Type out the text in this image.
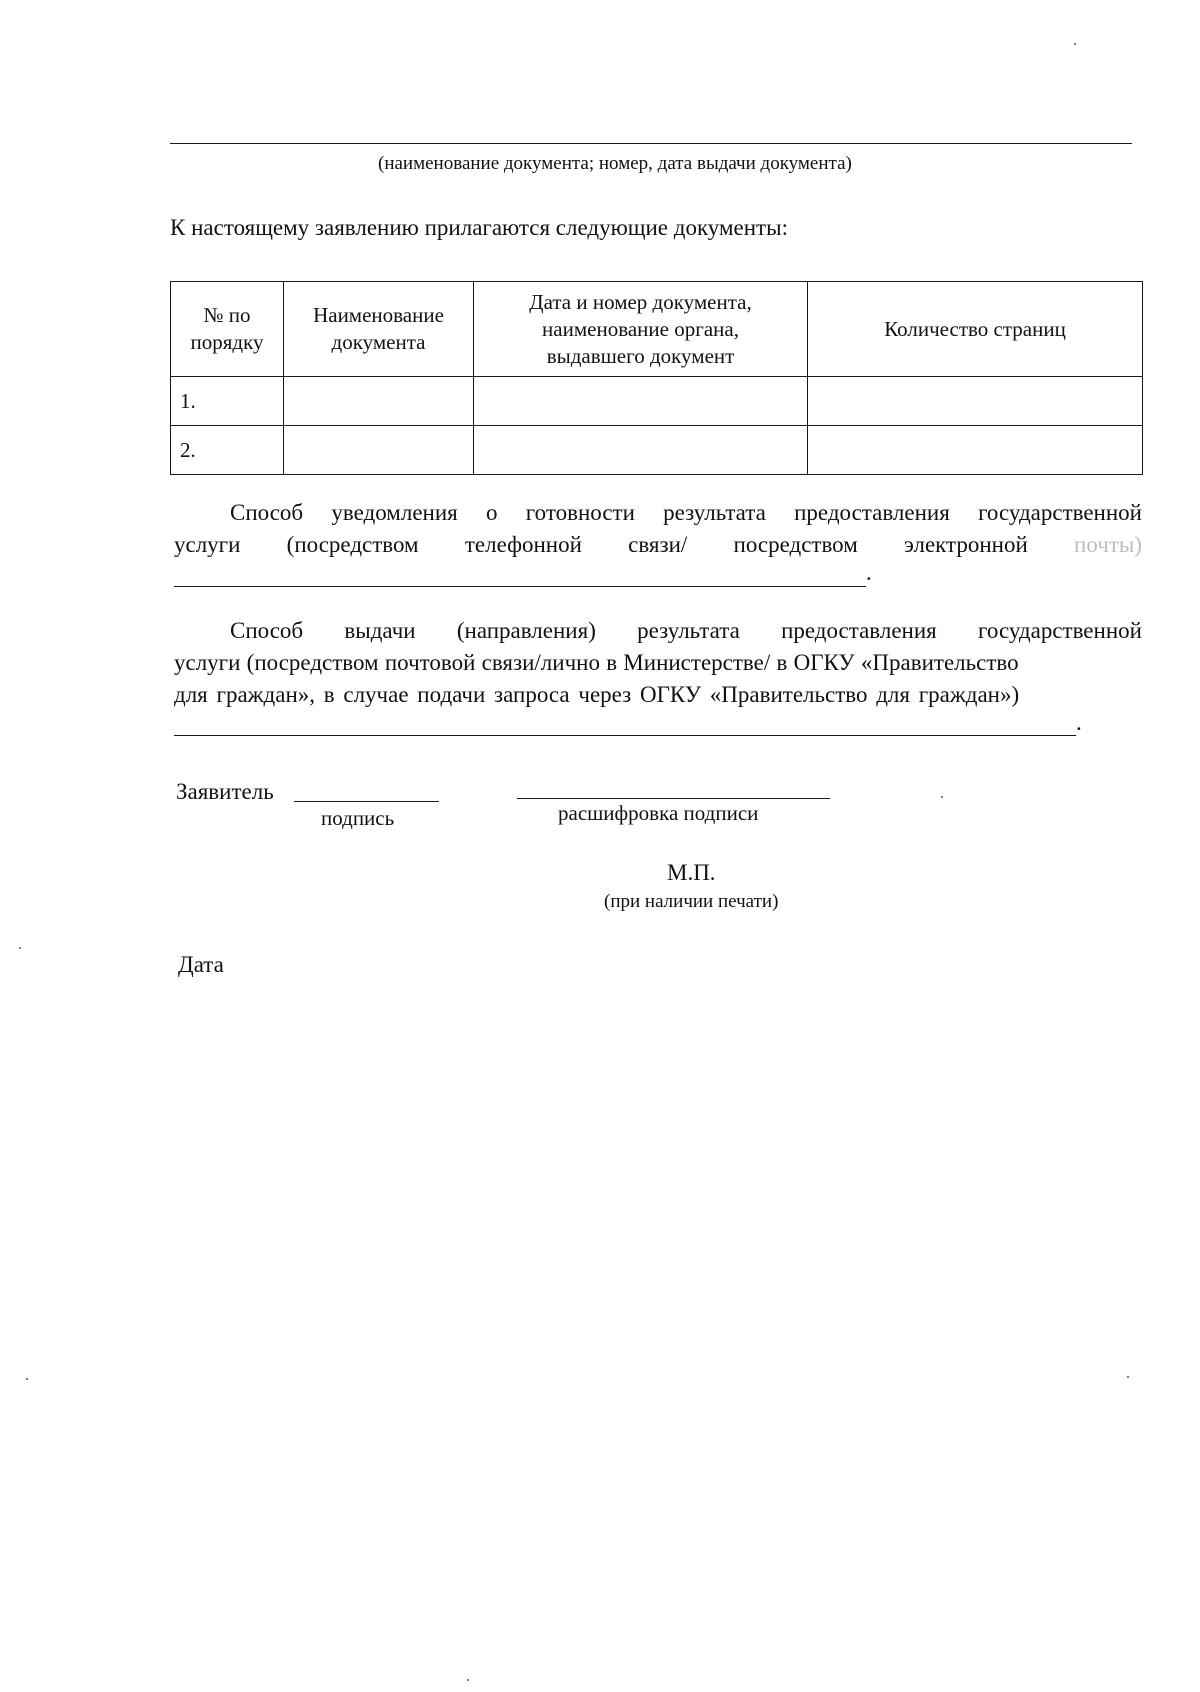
(наименование документа; номер, дата выдачи документа)
К настоящему заявлению прилагаются следующие документы:
№ по порядку	Наименование документа	Дата и номер документа, наименование органа, выдавшего документ	Количество страниц

1.			
2.			
Способ уведомления о готовности результата предоставления государственной
услуги (посредством телефонной связи/ посредством электронной почты)
.
Способ выдачи (направления) результата предоставления государственной
услуги (посредством почтовой связи/лично в Министерстве/ в ОГКУ «Правительство
для граждан», в случае подачи запроса через ОГКУ «Правительство для граждан»)
.
Заявитель
подпись	расшифровка подписи
М.П.
(при наличии печати)
Дата
